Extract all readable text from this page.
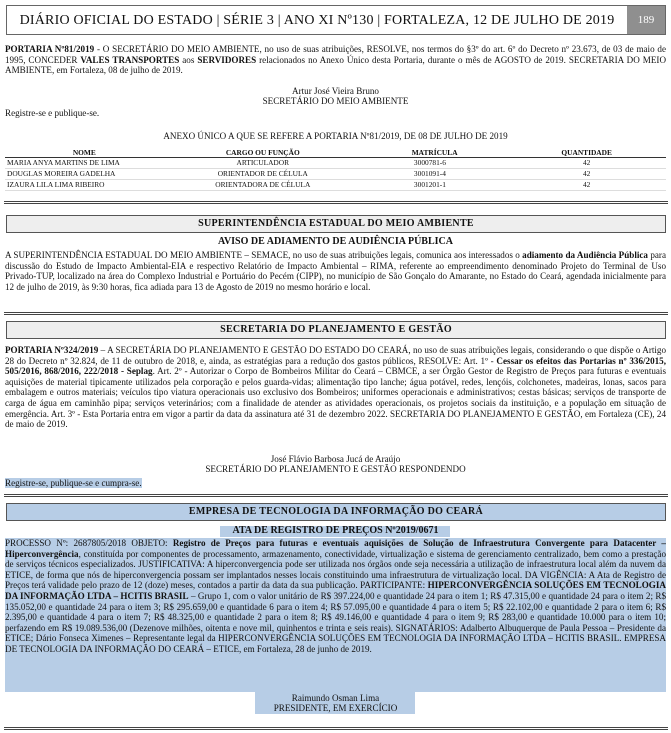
DIÁRIO OFICIAL DO ESTADO | SÉRIE 3 | ANO XI Nº130 | FORTALEZA, 12 DE JULHO DE 2019	189

PORTARIA Nº81/2019 - O SECRETÁRIO DO MEIO AMBIENTE, no uso de suas atribuições, RESOLVE, nos termos do §3º do art. 6º do Decreto nº 23.673, de 03 de maio de 1995, CONCEDER VALES TRANSPORTES aos SERVIDORES relacionados no Anexo Único desta Portaria, durante o mês de AGOSTO de 2019. SECRETARIA DO MEIO AMBIENTE, em Fortaleza, 08 de julho de 2019.

Artur José Vieira Bruno

SECRETÁRIO DO MEIO AMBIENTE

Registre-se e publique-se.

ANEXO ÚNICO A QUE SE REFERE A PORTARIA Nº81/2019, DE 08 DE JULHO DE 2019

NOME	CARGO OU FUNÇÃO	MATRÍCULA	QUANTIDADE
MARIA ANYA MARTINS DE LIMA	ARTICULADOR	3000781-6	42
DOUGLAS MOREIRA GADELHA	ORIENTADOR DE CÉLULA	3001091-4	42
IZAURA LILA LIMA RIBEIRO	ORIENTADORA DE CÉLULA	3001201-1	42
SUPERINTENDÊNCIA ESTADUAL DO MEIO AMBIENTE

AVISO DE ADIAMENTO DE AUDIÊNCIA PÚBLICA

A SUPERINTENDÊNCIA ESTADUAL DO MEIO AMBIENTE – SEMACE, no uso de suas atribuições legais, comunica aos interessados o adiamento da Audiência Pública para discussão do Estudo de Impacto Ambiental-EIA e respectivo Relatório de Impacto Ambiental – RIMA, referente ao empreendimento denominado Projeto do Terminal de Uso Privado-TUP, localizado na área do Complexo Industrial e Portuário do Pecém (CIPP), no município de São Gonçalo do Amarante, no Estado do Ceará, agendada inicialmente para 12 de julho de 2019, às 9:30 horas, fica adiada para 13 de Agosto de 2019 no mesmo horário e local.

SECRETARIA DO PLANEJAMENTO E GESTÃO

PORTARIA Nº324/2019 – A SECRETÁRIA DO PLANEJAMENTO E GESTÃO DO ESTADO DO CEARÁ, no uso de suas atribuições legais, considerando o que dispõe o Artigo 28 do Decreto nº 32.824, de 11 de outubro de 2018, e, ainda, as estratégias para a redução dos gastos públicos, RESOLVE: Art. 1º - Cessar os efeitos das Portarias nº 336/2015, 505/2016, 868/2016, 222/2018 - Seplag. Art. 2º - Autorizar o Corpo de Bombeiros Militar do Ceará – CBMCE, a ser Órgão Gestor de Registro de Preços para futuras e eventuais aquisições de material tipicamente utilizados pela corporação e pelos guarda-vidas; alimentação tipo lanche; água potável, redes, lençóis, colchonetes, madeiras, lonas, sacos para embalagem e outros materiais; veículos tipo viatura operacionais uso exclusivo dos Bombeiros; uniformes operacionais e administrativos; cestas básicas; serviços de transporte de carga de água em caminhão pipa; serviços veterinários; com a finalidade de atender as atividades operacionais, os projetos sociais da instituição, e a população em situação de emergência. Art. 3º - Esta Portaria entra em vigor a partir da data da assinatura até 31 de dezembro 2022. SECRETARIA DO PLANEJAMENTO E GESTÃO, em Fortaleza (CE), 24 de maio de 2019.

José Flávio Barbosa Jucá de Araújo

SECRETÁRIO DO PLANEJAMENTO E GESTÃO RESPONDENDO

Registre-se, publique-se e cumpra-se.

EMPRESA DE TECNOLOGIA DA INFORMAÇÃO DO CEARÁ

ATA DE REGISTRO DE PREÇOS Nº2019/0671

PROCESSO Nº: 2687805/2018 OBJETO: Registro de Preços para futuras e eventuais aquisições de Solução de Infraestrutura Convergente para Datacenter – Hiperconvergência, constituída por componentes de processamento, armazenamento, conectividade, virtualização e sistema de gerenciamento centralizado, bem como a prestação de serviços técnicos especializados. JUSTIFICATIVA: A hiperconvergencia pode ser utilizada nos órgãos onde seja necessária a utilização de infraestrutura local além da nuvem da ETICE, de forma que nós de hiperconvergencia possam ser implantados nesses locais constituindo uma infraestrutura de virtualização local. DA VIGÊNCIA: A Ata de Registro de Preços terá validade pelo prazo de 12 (doze) meses, contados a partir da data da sua publicação. PARTICIPANTE: HIPERCONVERGÊNCIA SOLUÇÕES EM TECNOLOGIA DA INFORMAÇÃO LTDA – HCITIS BRASIL – Grupo 1, com o valor unitário de R$ 397.224,00 e quantidade 24 para o item 1; R$ 47.315,00 e quantidade 24 para o item 2; R$ 135.052,00 e quantidade 24 para o item 3; R$ 295.659,00 e quantidade 6 para o item 4; R$ 57.095,00 e quantidade 4 para o item 5; R$ 22.102,00 e quantidade 2 para o item 6; R$ 2.395,00 e quantidade 4 para o item 7; R$ 48.325,00 e quantidade 2 para o item 8; R$ 49.146,00 e quantidade 4 para o item 9; R$ 283,00 e quantidade 10.000 para o item 10; perfazendo em R$ 19.089.536,00 (Dezenove milhões, oitenta e nove mil, quinhentos e trinta e seis reais). SIGNATÁRIOS: Adalberto Albuquerque de Paula Pessoa – Presidente da ETICE; Dário Fonseca Ximenes – Representante legal da HIPERCONVERGÊNCIA SOLUÇÕES EM TECNOLOGIA DA INFORMAÇÃO LTDA – HCITIS BRASIL. EMPRESA DE TECNOLOGIA DA INFORMAÇÃO DO CEARÁ – ETICE, em Fortaleza, 28 de junho de 2019.

Raimundo Osman Lima

PRESIDENTE, EM EXERCÍCIO
